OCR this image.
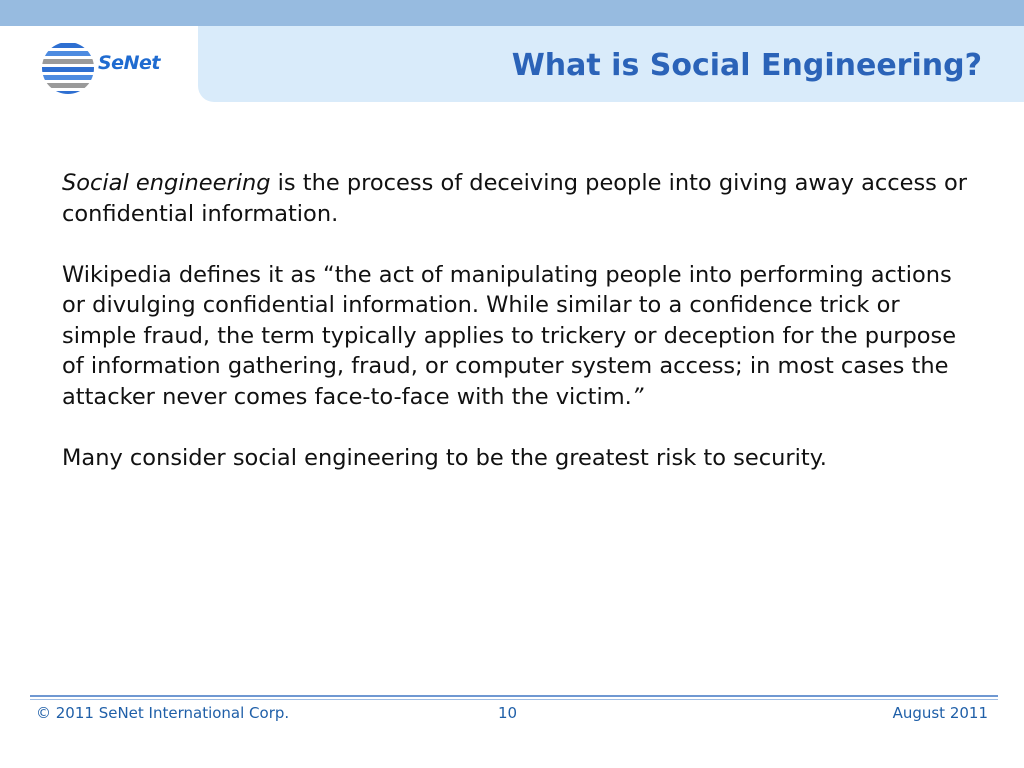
SeNet	What is Social Engineering?

Social engineering is the process of deceiving people into giving away access or confidential information.

Wikipedia defines it as “the act of manipulating people into performing actions or divulging confidential information. While similar to a confidence trick or simple fraud, the term typically applies to trickery or deception for the purpose of information gathering, fraud, or computer system access; in most cases the attacker never comes face-to-face with the victim.”

Many consider social engineering to be the greatest risk to security.

© 2011 SeNet International Corp.	10	August 2011
